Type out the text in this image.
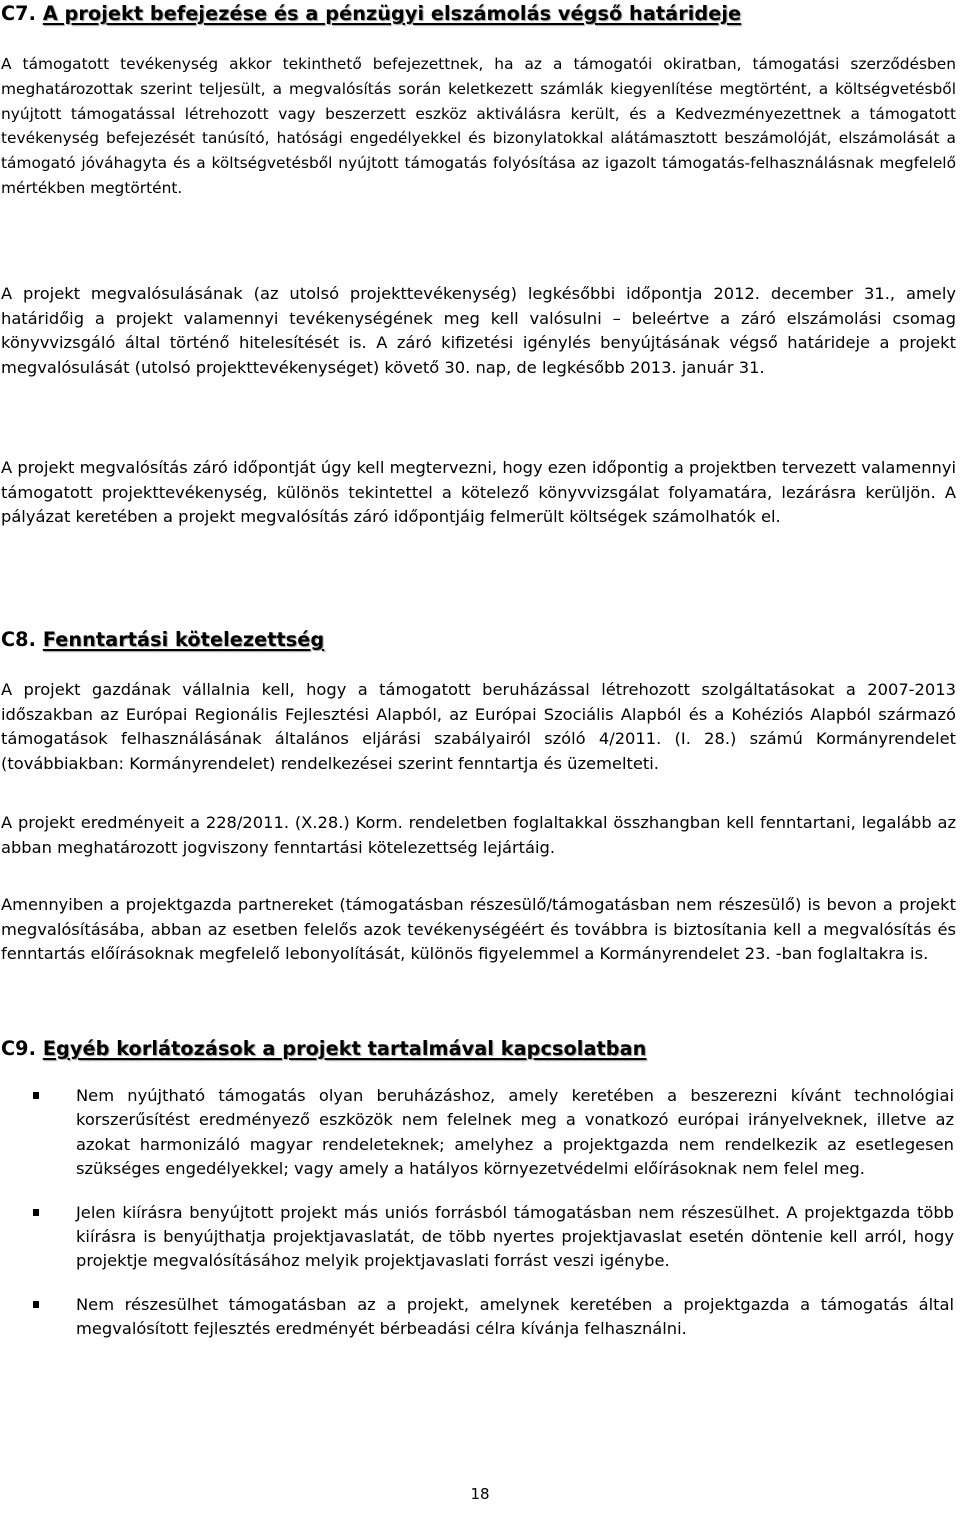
C7. A projekt befejezése és a pénzügyi elszámolás végső határideje

A támogatott tevékenység akkor tekinthető befejezettnek, ha az a támogatói okiratban, támogatási szerződésben meghatározottak szerint teljesült, a megvalósítás során keletkezett számlák kiegyenlítése megtörtént, a költségvetésből nyújtott támogatással létrehozott vagy beszerzett eszköz aktiválásra került, és a Kedvezményezettnek a támogatott tevékenység befejezését tanúsító, hatósági engedélyekkel és bizonylatokkal alátámasztott beszámolóját, elszámolását a támogató jóváhagyta és a költségvetésből nyújtott támogatás folyósítása az igazolt támogatás-felhasználásnak megfelelő mértékben megtörtént.

A projekt megvalósulásának (az utolsó projekttevékenység) legkésőbbi időpontja 2012. december 31., amely határidőig a projekt valamennyi tevékenységének meg kell valósulni – beleértve a záró elszámolási csomag könyvvizsgáló által történő hitelesítését is. A záró kifizetési igénylés benyújtásának végső határideje a projekt megvalósulását (utolsó projekttevékenységet) követő 30. nap, de legkésőbb 2013. január 31.

A projekt megvalósítás záró időpontját úgy kell megtervezni, hogy ezen időpontig a projektben tervezett valamennyi támogatott projekttevékenység, különös tekintettel a kötelező könyvvizsgálat folyamatára, lezárásra kerüljön. A pályázat keretében a projekt megvalósítás záró időpontjáig felmerült költségek számolhatók el.

C8. Fenntartási kötelezettség

A projekt gazdának vállalnia kell, hogy a támogatott beruházással létrehozott szolgáltatásokat a 2007-2013 időszakban az Európai Regionális Fejlesztési Alapból, az Európai Szociális Alapból és a Kohéziós Alapból származó támogatások felhasználásának általános eljárási szabályairól szóló 4/2011. (I. 28.) számú Kormányrendelet (továbbiakban: Kormányrendelet) rendelkezései szerint fenntartja és üzemelteti.

A projekt eredményeit a 228/2011. (X.28.) Korm. rendeletben foglaltakkal összhangban kell fenntartani, legalább az abban meghatározott jogviszony fenntartási kötelezettség lejártáig.

Amennyiben a projektgazda partnereket (támogatásban részesülő/támogatásban nem részesülő) is bevon a projekt megvalósításába, abban az esetben felelős azok tevékenységéért és továbbra is biztosítania kell a megvalósítás és fenntartás előírásoknak megfelelő lebonyolítását, különös figyelemmel a Kormányrendelet 23. -ban foglaltakra is.

C9. Egyéb korlátozások a projekt tartalmával kapcsolatban
Nem nyújtható támogatás olyan beruházáshoz, amely keretében a beszerezni kívánt technológiai korszerűsítést eredményező eszközök nem felelnek meg a vonatkozó európai irányelveknek, illetve az azokat harmonizáló magyar rendeleteknek; amelyhez a projektgazda nem rendelkezik az esetlegesen szükséges engedélyekkel; vagy amely a hatályos környezetvédelmi előírásoknak nem felel meg.
Jelen kiírásra benyújtott projekt más uniós forrásból támogatásban nem részesülhet. A projektgazda több kiírásra is benyújthatja projektjavaslatát, de több nyertes projektjavaslat esetén döntenie kell arról, hogy projektje megvalósításához melyik projektjavaslati forrást veszi igénybe.
Nem részesülhet támogatásban az a projekt, amelynek keretében a projektgazda a támogatás által megvalósított fejlesztés eredményét bérbeadási célra kívánja felhasználni.
18
